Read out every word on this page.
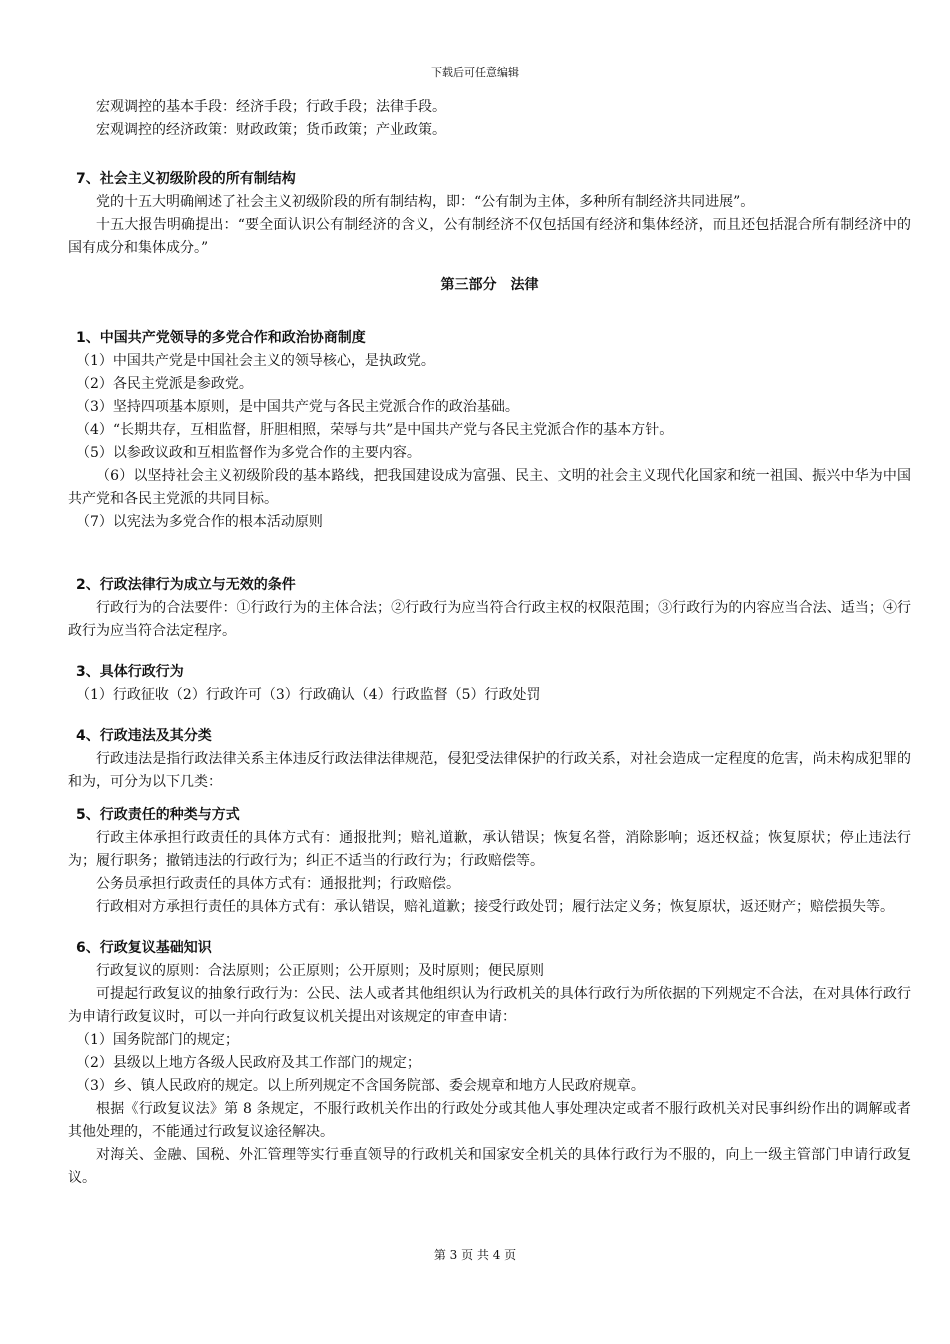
下载后可任意编辑

宏观调控的基本手段：经济手段；行政手段；法律手段。

宏观调控的经济政策：财政政策；货币政策；产业政策。

7、社会主义初级阶段的所有制结构

党的十五大明确阐述了社会主义初级阶段的所有制结构，即：“公有制为主体，多种所有制经济共同进展”。

十五大报告明确提出：“要全面认识公有制经济的含义，公有制经济不仅包括国有经济和集体经济，而且还包括混合所有制经济中的国有成分和集体成分。”

第三部分　法律

1、中国共产党领导的多党合作和政治协商制度

（1）中国共产党是中国社会主义的领导核心，是执政党。

（2）各民主党派是参政党。

（3）坚持四项基本原则，是中国共产党与各民主党派合作的政治基础。

（4）“长期共存，互相监督，肝胆相照，荣辱与共”是中国共产党与各民主党派合作的基本方针。

（5）以参政议政和互相监督作为多党合作的主要内容。

（6）以坚持社会主义初级阶段的基本路线，把我国建设成为富强、民主、文明的社会主义现代化国家和统一祖国、振兴中华为中国共产党和各民主党派的共同目标。

（7）以宪法为多党合作的根本活动原则

2、行政法律行为成立与无效的条件

行政行为的合法要件：①行政行为的主体合法；②行政行为应当符合行政主权的权限范围；③行政行为的内容应当合法、适当；④行政行为应当符合法定程序。

3、具体行政行为

（1）行政征收（2）行政许可（3）行政确认（4）行政监督（5）行政处罚

4、行政违法及其分类

行政违法是指行政法律关系主体违反行政法律法律规范，侵犯受法律保护的行政关系，对社会造成一定程度的危害，尚未构成犯罪的和为，可分为以下几类：

5、行政责任的种类与方式

行政主体承担行政责任的具体方式有：通报批判；赔礼道歉，承认错误；恢复名誉，消除影响；返还权益；恢复原状；停止违法行为；履行职务；撤销违法的行政行为；纠正不适当的行政行为；行政赔偿等。

公务员承担行政责任的具体方式有：通报批判；行政赔偿。

行政相对方承担行责任的具体方式有：承认错误，赔礼道歉；接受行政处罚；履行法定义务；恢复原状，返还财产；赔偿损失等。

6、行政复议基础知识

行政复议的原则：合法原则；公正原则；公开原则；及时原则；便民原则

可提起行政复议的抽象行政行为：公民、法人或者其他组织认为行政机关的具体行政行为所依据的下列规定不合法，在对具体行政行为申请行政复议时，可以一并向行政复议机关提出对该规定的审查申请：

（1）国务院部门的规定；

（2）县级以上地方各级人民政府及其工作部门的规定；

（3）乡、镇人民政府的规定。以上所列规定不含国务院部、委会规章和地方人民政府规章。

根据《行政复议法》第 8 条规定，不服行政机关作出的行政处分或其他人事处理决定或者不服行政机关对民事纠纷作出的调解或者其他处理的，不能通过行政复议途径解决。

对海关、金融、国税、外汇管理等实行垂直领导的行政机关和国家安全机关的具体行政行为不服的，向上一级主管部门申请行政复议。

第 3 页 共 4 页
